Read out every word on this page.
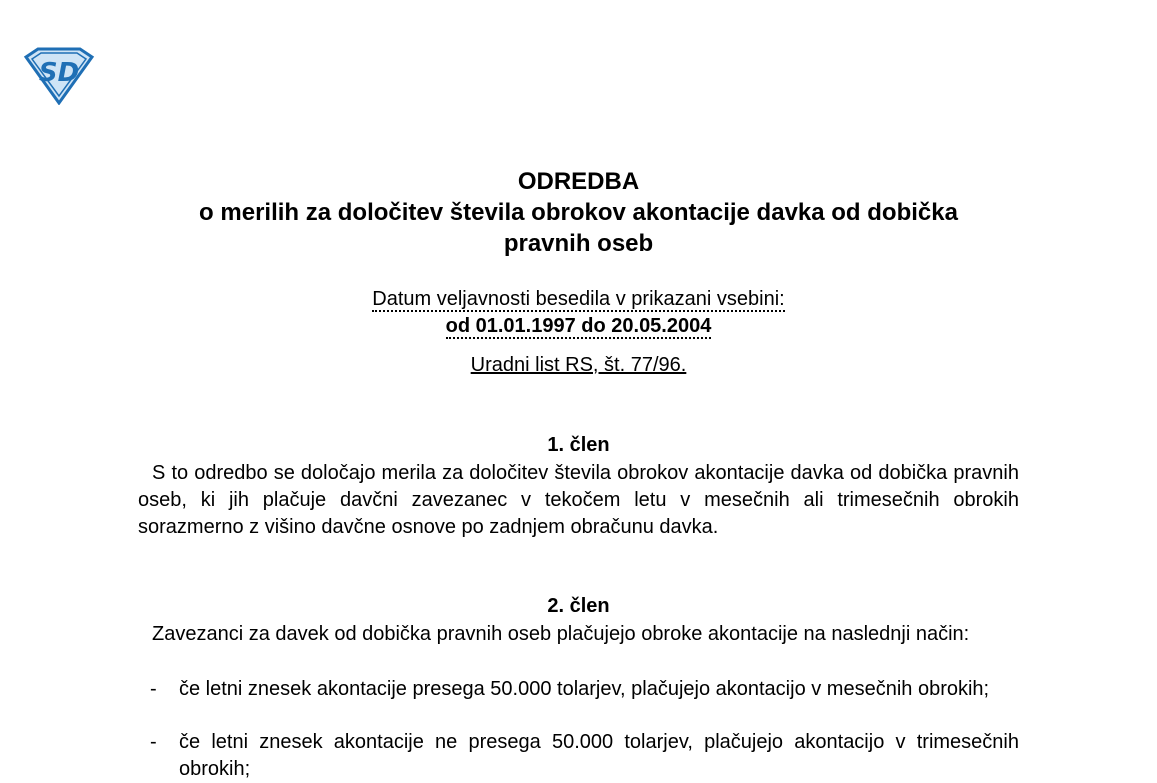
SD
ODREDBA
o merilih za določitev števila obrokov akontacije davka od dobička
pravnih oseb
Datum veljavnosti besedila v prikazani vsebini:
od 01.01.1997 do 20.05.2004
Uradni list RS, št. 77/96.
1. člen
S to odredbo se določajo merila za določitev števila obrokov akontacije davka od dobička pravnih oseb, ki jih plačuje davčni zavezanec v tekočem letu v mesečnih ali trimesečnih obrokih sorazmerno z višino davčne osnove po zadnjem obračunu davka.
2. člen
Zavezanci za davek od dobička pravnih oseb plačujejo obroke akontacije na naslednji način:
- če letni znesek akontacije presega 50.000 tolarjev, plačujejo akontacijo v mesečnih obrokih;
- če letni znesek akontacije ne presega 50.000 tolarjev, plačujejo akontacijo v trimesečnih obrokih;
